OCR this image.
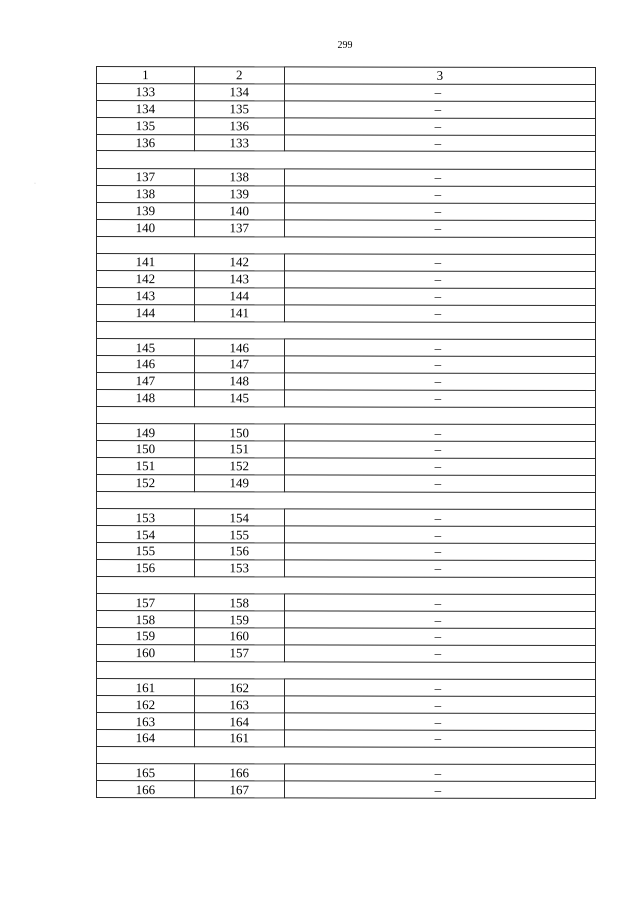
299
·
1	2	3
133	134	–
134	135	–
135	136	–
136	133	–

137	138	–
138	139	–
139	140	–
140	137	–

141	142	–
142	143	–
143	144	–
144	141	–

145	146	–
146	147	–
147	148	–
148	145	–

149	150	–
150	151	–
151	152	–
152	149	–

153	154	–
154	155	–
155	156	–
156	153	–

157	158	–
158	159	–
159	160	–
160	157	–

161	162	–
162	163	–
163	164	–
164	161	–

165	166	–
166	167	–
